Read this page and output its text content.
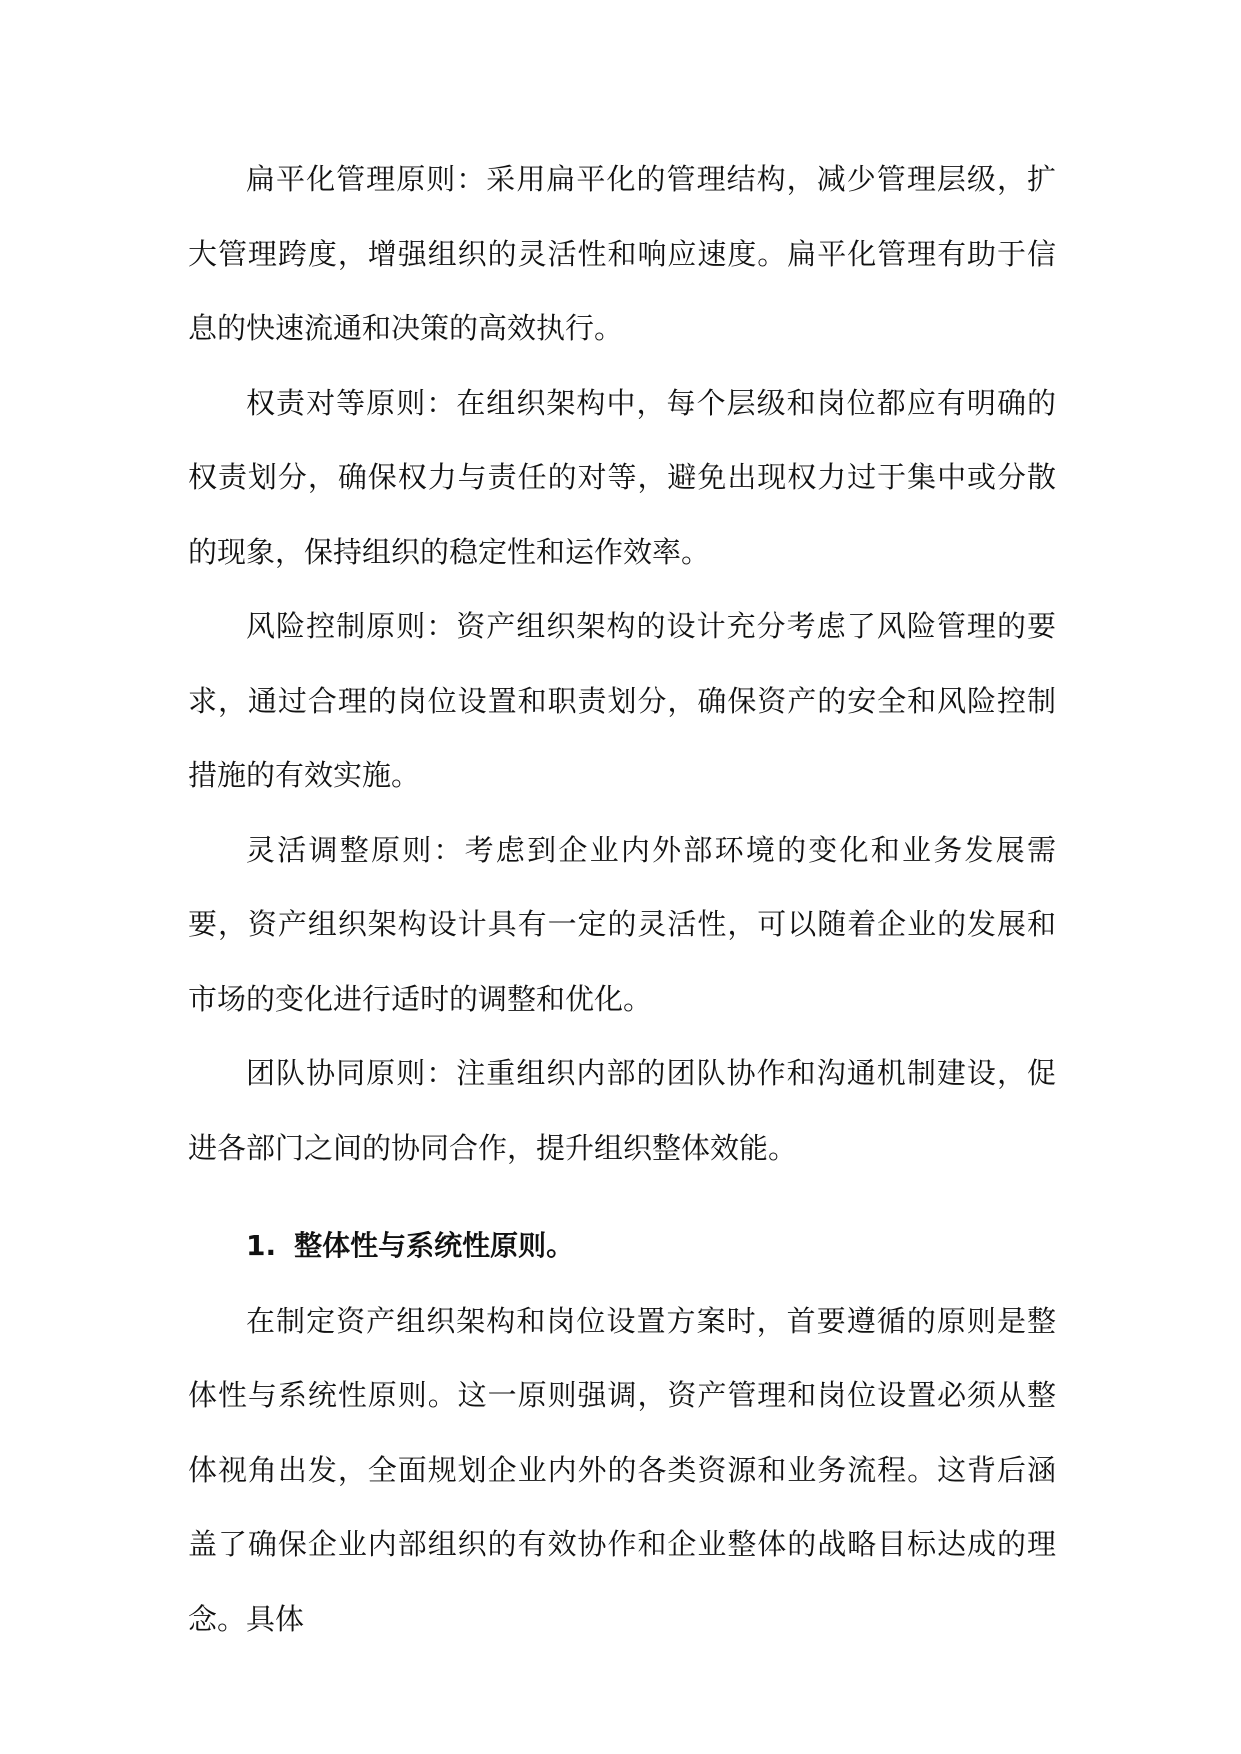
扁平化管理原则：采用扁平化的管理结构，减少管理层级，扩大管理跨度，增强组织的灵活性和响应速度。扁平化管理有助于信息的快速流通和决策的高效执行。

权责对等原则：在组织架构中，每个层级和岗位都应有明确的权责划分，确保权力与责任的对等，避免出现权力过于集中或分散的现象，保持组织的稳定性和运作效率。

风险控制原则：资产组织架构的设计充分考虑了风险管理的要求，通过合理的岗位设置和职责划分，确保资产的安全和风险控制措施的有效实施。

灵活调整原则：考虑到企业内外部环境的变化和业务发展需要，资产组织架构设计具有一定的灵活性，可以随着企业的发展和市场的变化进行适时的调整和优化。

团队协同原则：注重组织内部的团队协作和沟通机制建设，促进各部门之间的协同合作，提升组织整体效能。

1. 整体性与系统性原则。

在制定资产组织架构和岗位设置方案时，首要遵循的原则是整体性与系统性原则。这一原则强调，资产管理和岗位设置必须从整体视角出发，全面规划企业内外的各类资源和业务流程。这背后涵盖了确保企业内部组织的有效协作和企业整体的战略目标达成的理念。具体
